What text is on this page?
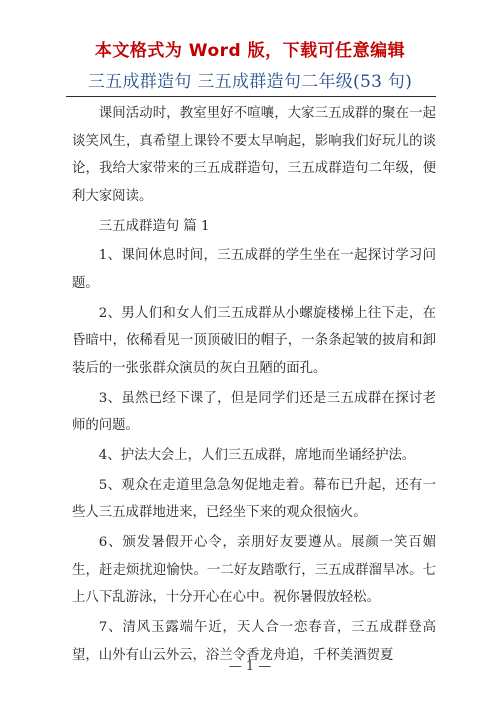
本文格式为 Word 版，下载可任意编辑
三五成群造句 三五成群造句二年级(53 句)

课间活动时，教室里好不喧嚷，大家三五成群的聚在一起谈笑风生，真希望上课铃不要太早响起，影响我们好玩儿的谈论，我给大家带来的三五成群造句，三五成群造句二年级，便利大家阅读。

三五成群造句 篇 1

1、课间休息时间，三五成群的学生坐在一起探讨学习问题。

2、男人们和女人们三五成群从小螺旋楼梯上往下走，在昏暗中，依稀看见一顶顶破旧的帽子，一条条起皱的披肩和卸装后的一张张群众演员的灰白丑陋的面孔。

3、虽然已经下课了，但是同学们还是三五成群在探讨老师的问题。

4、护法大会上，人们三五成群，席地而坐诵经护法。

5、观众在走道里急急匆促地走着。幕布已升起，还有一些人三五成群地进来，已经坐下来的观众很恼火。

6、颁发暑假开心令，亲朋好友要遵从。展颜一笑百媚生，赶走烦扰迎愉快。一二好友踏歌行，三五成群溜旱冰。七上八下乱游泳，十分开心在心中。祝你暑假放轻松。

7、清风玉露端午近，天人合一恋春音，三五成群登高望，山外有山云外云，浴兰令香龙舟追，千杯美酒贺夏

— 1 —
